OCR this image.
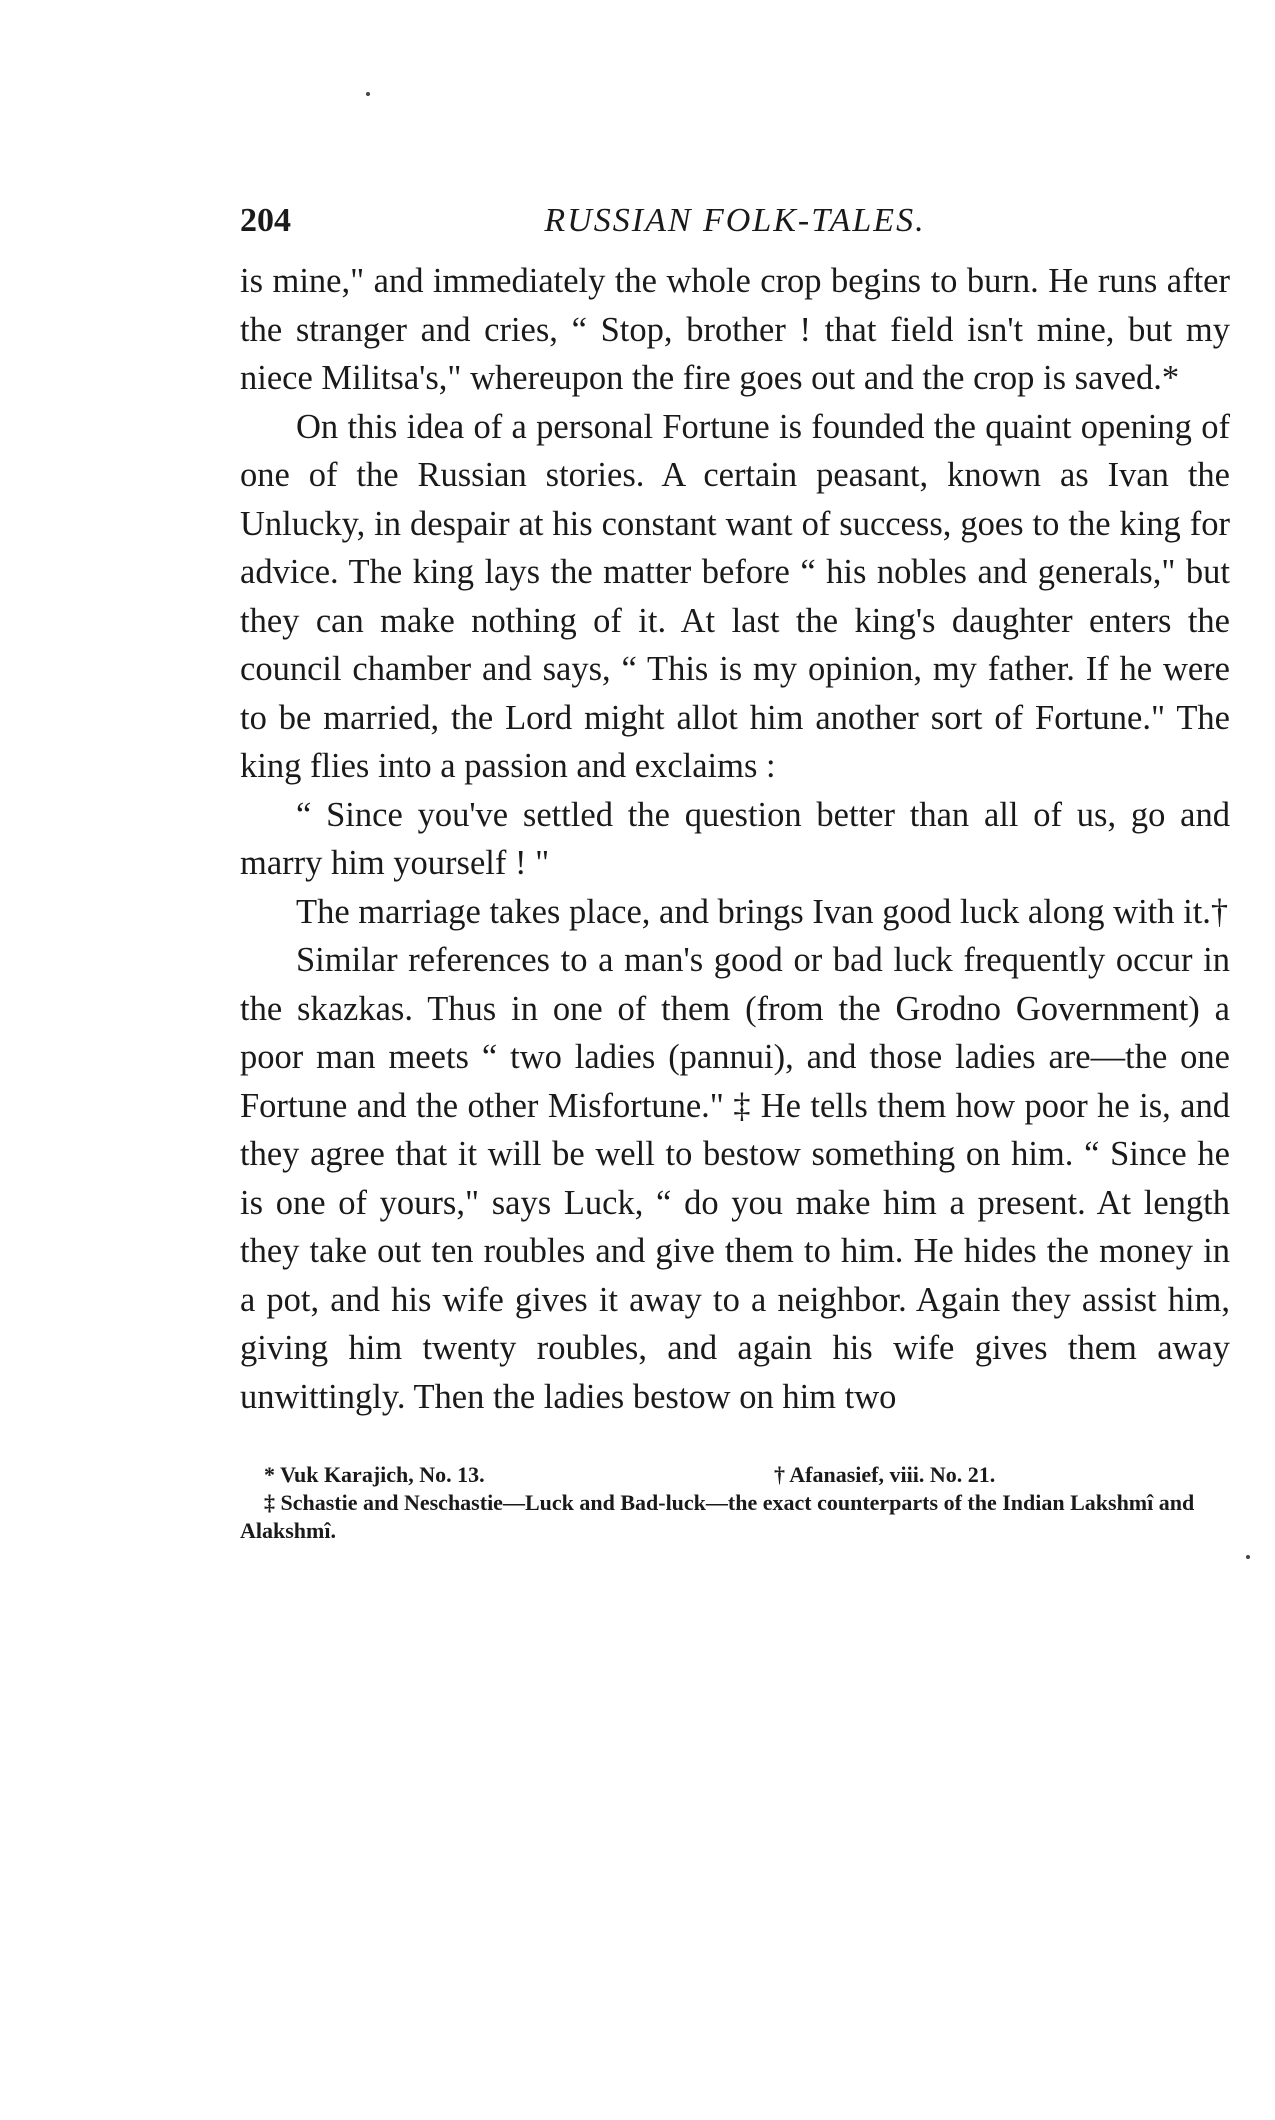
204	RUSSIAN FOLK-TALES.

is mine," and immediately the whole crop begins to burn. He runs after the stranger and cries, “ Stop, brother ! that field isn't mine, but my niece Militsa's," whereupon the fire goes out and the crop is saved.*

On this idea of a personal Fortune is founded the quaint opening of one of the Russian stories. A certain peasant, known as Ivan the Unlucky, in despair at his constant want of success, goes to the king for advice. The king lays the matter before “ his nobles and generals," but they can make nothing of it. At last the king's daughter enters the council chamber and says, “ This is my opinion, my father. If he were to be married, the Lord might allot him another sort of Fortune." The king flies into a passion and exclaims :

“ Since you've settled the question better than all of us, go and marry him yourself ! "

The marriage takes place, and brings Ivan good luck along with it.†

Similar references to a man's good or bad luck frequently occur in the skazkas. Thus in one of them (from the Grodno Government) a poor man meets “ two ladies (pannui), and those ladies are—the one Fortune and the other Misfortune." ‡ He tells them how poor he is, and they agree that it will be well to bestow something on him. “ Since he is one of yours," says Luck, “ do you make him a present. At length they take out ten roubles and give them to him. He hides the money in a pot, and his wife gives it away to a neighbor. Again they assist him, giving him twenty roubles, and again his wife gives them away unwittingly. Then the ladies bestow on him two

* Vuk Karajich, No. 13.	† Afanasief, viii. No. 21.
‡ Schastie and Neschastie—Luck and Bad-luck—the exact counterparts of the Indian Lakshmî and Alakshmî.
